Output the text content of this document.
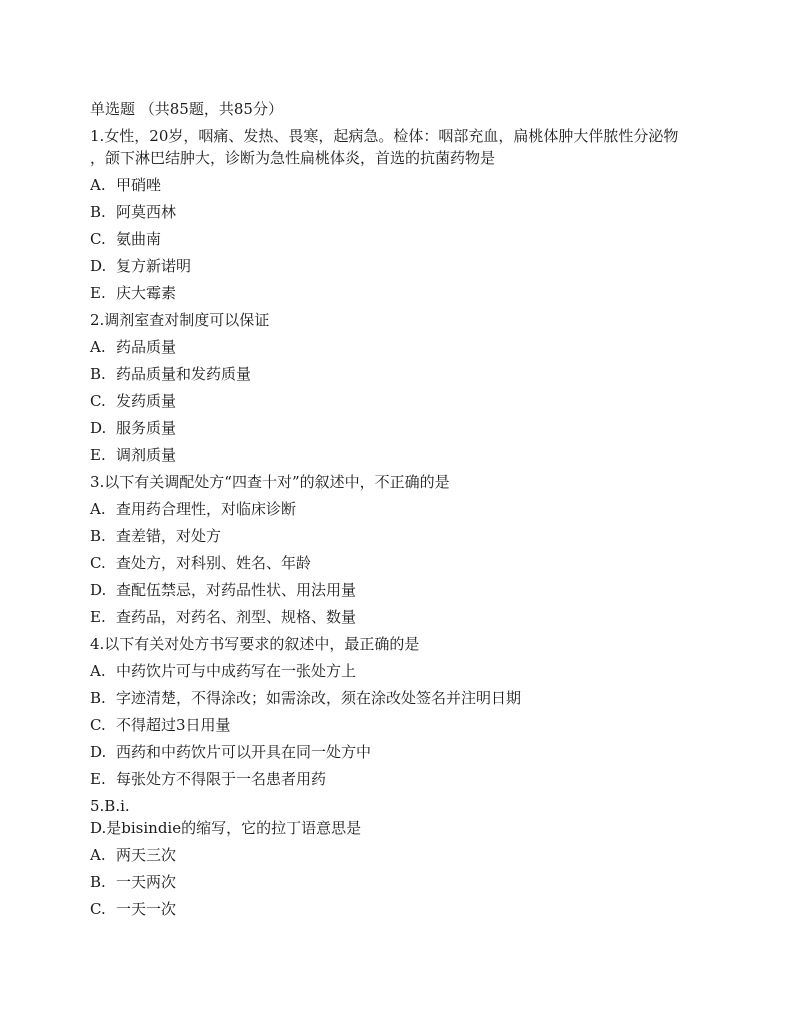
单选题 （共85题，共85分）
1.女性，20岁，咽痛、发热、畏寒，起病急。检体：咽部充血，扁桃体肿大伴脓性分泌物
，颌下淋巴结肿大，诊断为急性扁桃体炎，首选的抗菌药物是
A. 甲硝唑
B. 阿莫西林
C. 氨曲南
D. 复方新诺明
E. 庆大霉素
2.调剂室查对制度可以保证
A. 药品质量
B. 药品质量和发药质量
C. 发药质量
D. 服务质量
E. 调剂质量
3.以下有关调配处方“四查十对”的叙述中，不正确的是
A. 查用药合理性，对临床诊断
B. 查差错，对处方
C. 查处方，对科别、姓名、年龄
D. 查配伍禁忌，对药品性状、用法用量
E. 查药品，对药名、剂型、规格、数量
4.以下有关对处方书写要求的叙述中，最正确的是
A. 中药饮片可与中成药写在一张处方上
B. 字迹清楚，不得涂改；如需涂改，须在涂改处签名并注明日期
C. 不得超过3日用量
D. 西药和中药饮片可以开具在同一处方中
E. 每张处方不得限于一名患者用药
5.B.i.
D.是bisindie的缩写，它的拉丁语意思是
A. 两天三次
B. 一天两次
C. 一天一次
